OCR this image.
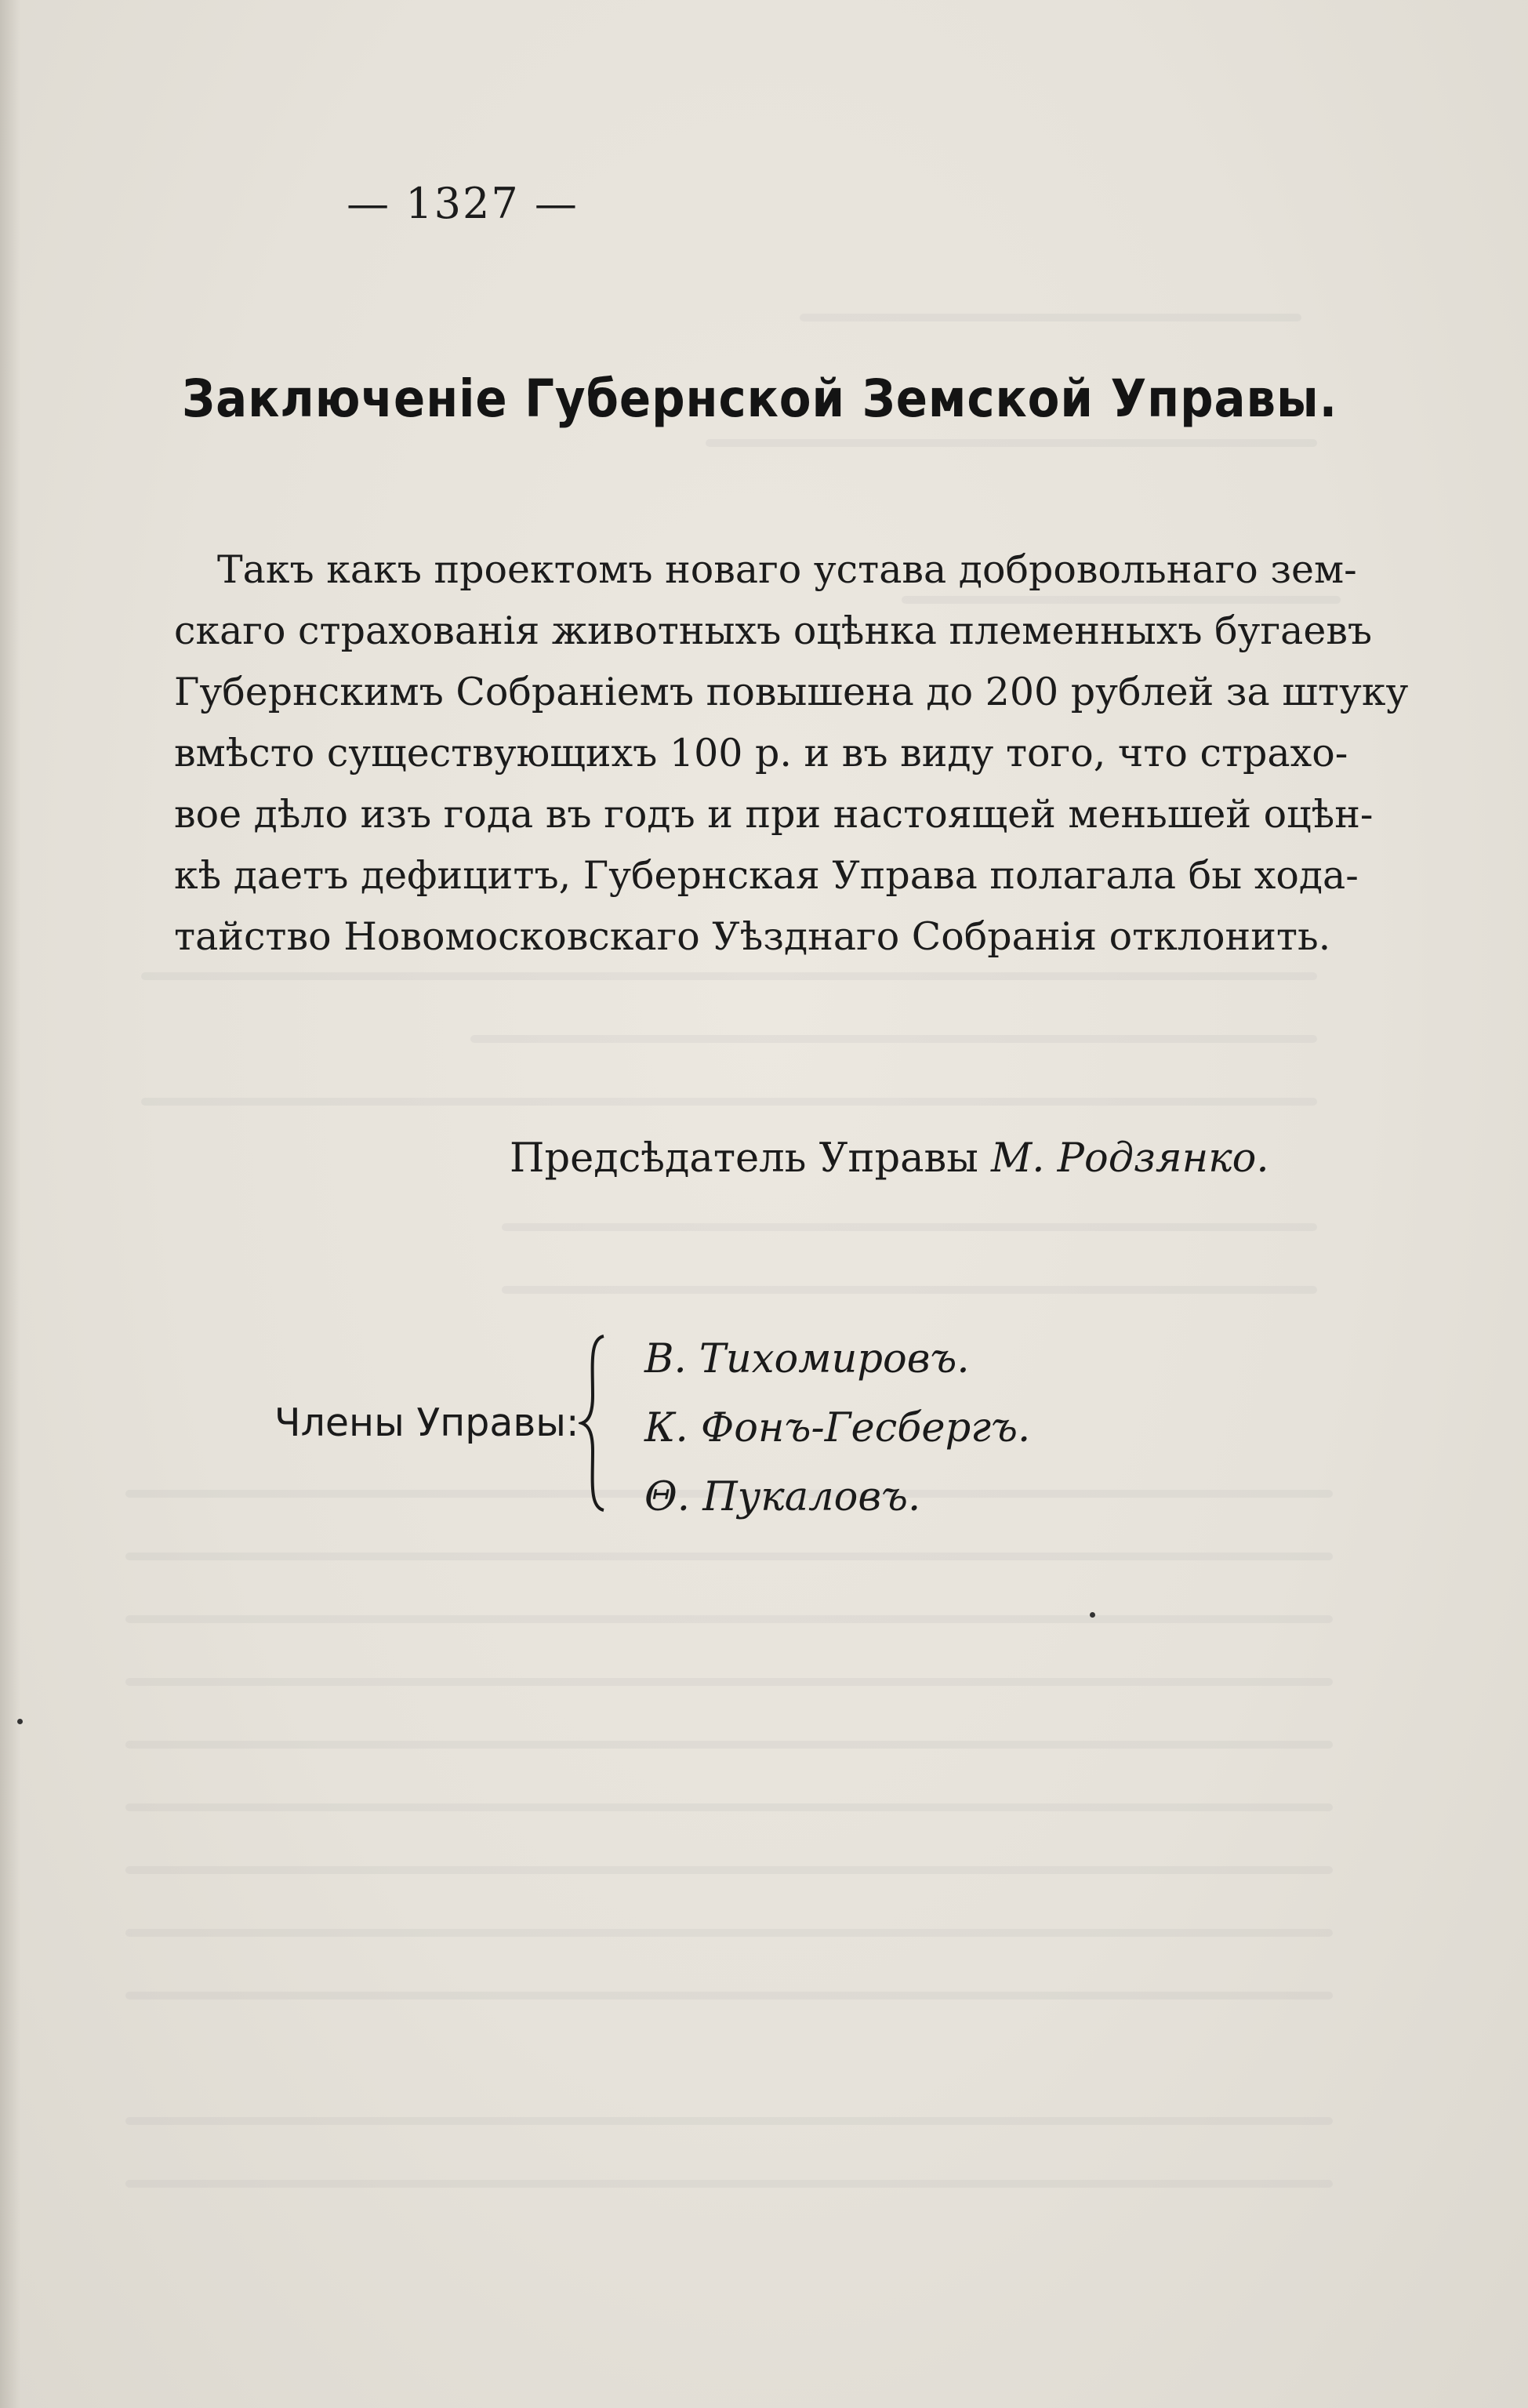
— 1327 —
Заключеніе Губернской Земской Управы.
Такъ какъ проектомъ новаго устава добровольнаго зем-
скаго страхованія животныхъ оцѣнка племенныхъ бугаевъ
Губернскимъ Собраніемъ повышена до 200 рублей за штуку
вмѣсто существующихъ 100 р. и въ виду того, что страхо-
вое дѣло изъ года въ годъ и при настоящей меньшей оцѣн-
кѣ даетъ дефицитъ, Губернская Управа полагала бы хода-
тайство Новомосковскаго Уѣзднаго Собранія отклонить.
Предсѣдатель Управы М. Родзянко.
Члены Управы:
В. Тихомировъ.
К. Фонъ-Гесбергъ.
Θ. Пукаловъ.
